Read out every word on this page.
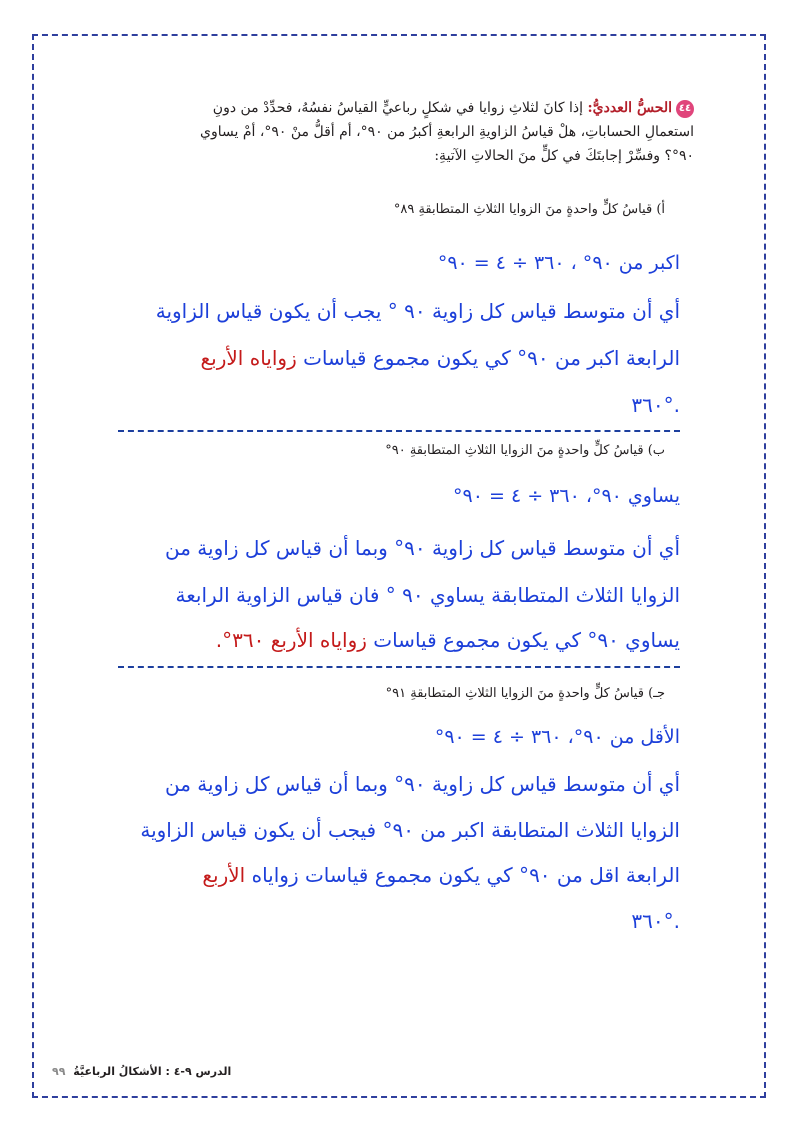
٤٤الحسُّ العدديُّ: إذا كانَ لثلاثِ زوايا في شكلٍ رباعيٍّ القياسُ نفسُهُ، فحدِّدْ من دونِ
استعمالِ الحساباتِ، هلْ قياسُ الزاويةِ الرابعةِ أكبرُ من ٩٠°، أم أقلُّ منْ ٩٠°، أمْ يساوي
٩٠°؟ وفسِّرْ إجابتَكَ في كلٍّ منَ الحالاتِ الآتيةِ:
أ) قياسُ كلٍّ واحدةٍ منَ الزوايا الثلاثِ المتطابقةِ ٨٩°
اكبر من ٩٠° ، ٣٦٠ ÷ ٤ = ٩٠°
أي أن متوسط قياس كل زاوية ٩٠ ° يجب أن يكون قياس الزاوية
الرابعة اكبر من ٩٠° كي يكون مجموع قياسات زواياه الأربع
٣٦٠°.
ب) قياسُ كلٍّ واحدةٍ منَ الزوايا الثلاثِ المتطابقةِ ٩٠°
يساوي ٩٠°، ٣٦٠ ÷ ٤ = ٩٠°
أي أن متوسط قياس كل زاوية ٩٠° وبما أن قياس كل زاوية من
الزوايا الثلاث المتطابقة يساوي ٩٠ ° فان قياس الزاوية الرابعة
يساوي ٩٠° كي يكون مجموع قياسات زواياه الأربع ٣٦٠°.
جـ) قياسُ كلٍّ واحدةٍ منَ الزوايا الثلاثِ المتطابقةِ ٩١°
الأقل من ٩٠°، ٣٦٠ ÷ ٤ = ٩٠°
أي أن متوسط قياس كل زاوية ٩٠° وبما أن قياس كل زاوية من
الزوايا الثلاث المتطابقة اكبر من ٩٠° فيجب أن يكون قياس الزاوية
الرابعة اقل من ٩٠° كي يكون مجموع قياسات زواياه الأربع
٣٦٠°.
٩٩ الدرس ٩-٤ : الأشكالُ الرباعيَّةُ
